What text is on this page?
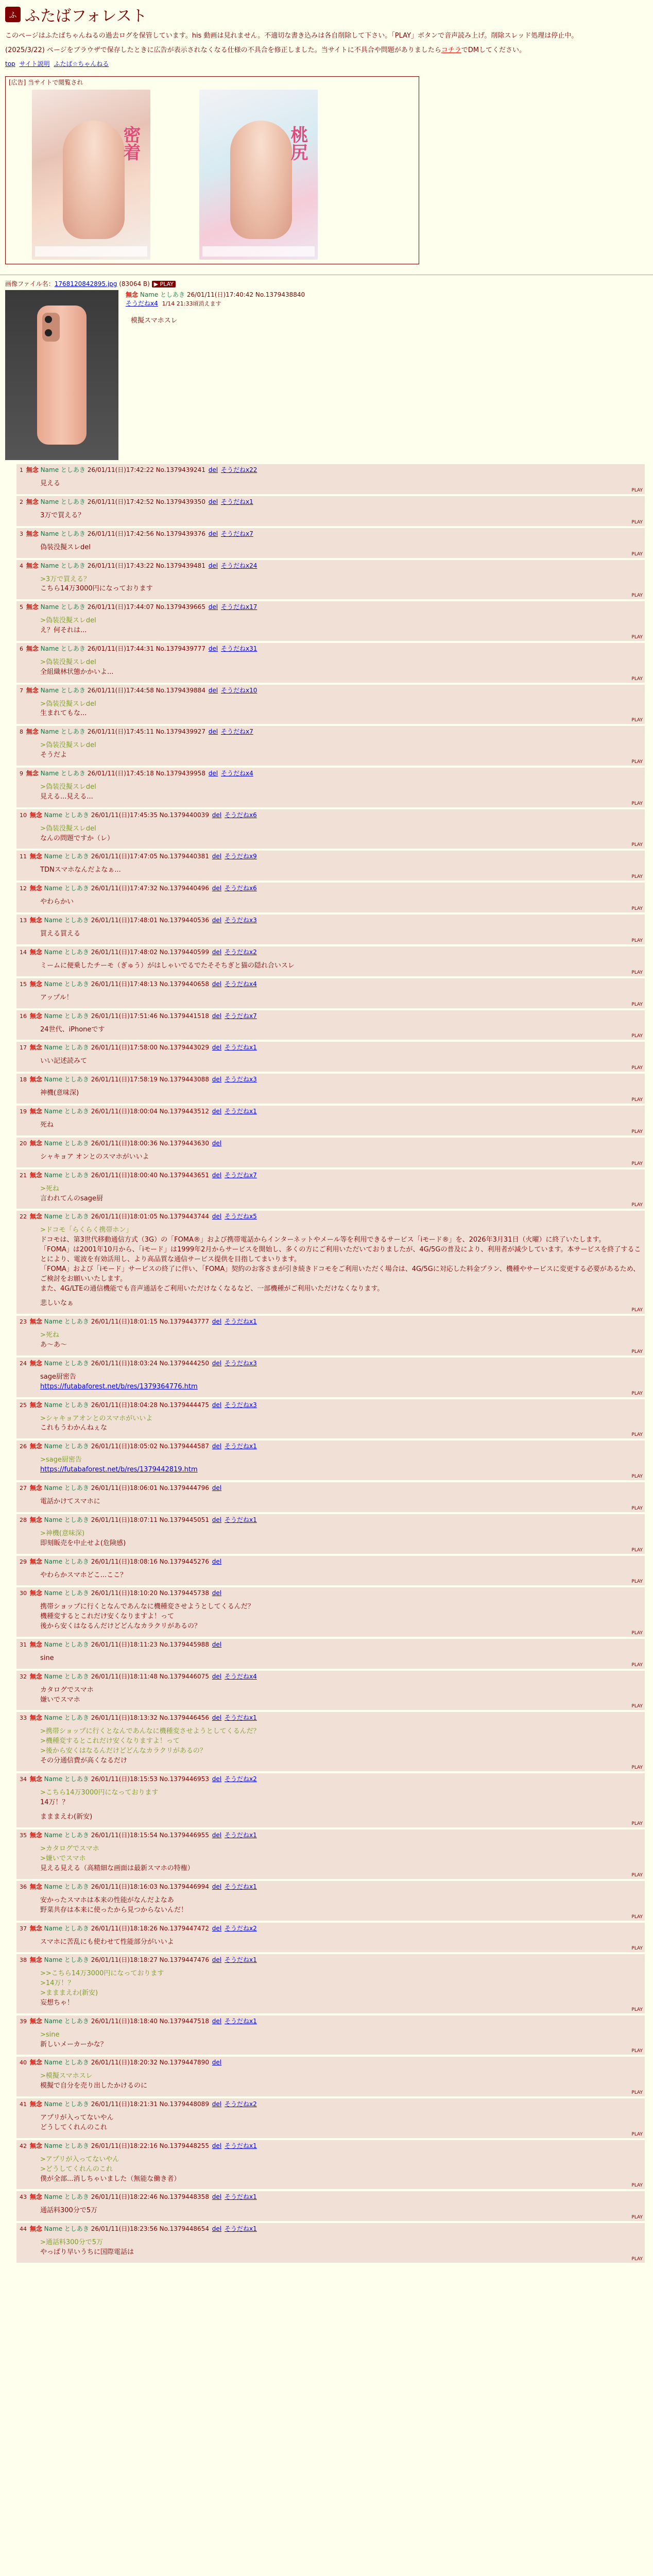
ふ ふたばフォレスト

このページはふたばちゃんねるの過去ログを保管しています。his 動画は見れません。不適切な書き込みは各自削除して下さい。「PLAY」ボタンで音声読み上げ。削除スレッド処理は停止中。

(2025/3/22) ページをブラウザで保存したときに広告が表示されなくなる仕様の不具合を修正しました。当サイトに不具合や問題がありましたらコチラでDMしてください。

top サイト説明 ふたば☆ちゃんねる
[広告] 当サイトで閲覧され
密着	桃尻
画像ファイル名：1768120842895.jpg (83064 B) ▶ PLAY
無念 Name としあき 26/01/11(日)17:40:42 No.1379438840
そうだねx4 1/14 21:33頃消えます
模擬スマホスレ
1 無念 Name としあき 26/01/11(日)17:42:22 No.1379439241 del そうだねx22
見える
PLAY
2 無念 Name としあき 26/01/11(日)17:42:52 No.1379439350 del そうだねx1
3万で買える？
PLAY
3 無念 Name としあき 26/01/11(日)17:42:56 No.1379439376 del そうだねx7
偽装没擬スレdel
PLAY
4 無念 Name としあき 26/01/11(日)17:43:22 No.1379439481 del そうだねx24
>3万で買える？
こちら14万3000円になっております
PLAY
5 無念 Name としあき 26/01/11(日)17:44:07 No.1379439665 del そうだねx17
>偽装没擬スレdel
え？何それは...
PLAY
6 無念 Name としあき 26/01/11(日)17:44:31 No.1379439777 del そうだねx31
>偽装没擬スレdel
全組織林状態かかいよ...
PLAY
7 無念 Name としあき 26/01/11(日)17:44:58 No.1379439884 del そうだねx10
>偽装没擬スレdel
生まれてもな...
PLAY
8 無念 Name としあき 26/01/11(日)17:45:11 No.1379439927 del そうだねx7
>偽装没擬スレdel
そうだよ
PLAY
9 無念 Name としあき 26/01/11(日)17:45:18 No.1379439958 del そうだねx4
>偽装没擬スレdel
見える...見える...
PLAY
10 無念 Name としあき 26/01/11(日)17:45:35 No.1379440039 del そうだねx6
>偽装没擬スレdel
なんの問題ですか（レ）
PLAY
11 無念 Name としあき 26/01/11(日)17:47:05 No.1379440381 del そうだねx9
TDNスマホなんだよなぁ...
PLAY
12 無念 Name としあき 26/01/11(日)17:47:32 No.1379440496 del そうだねx6
やわらかい
PLAY
13 無念 Name としあき 26/01/11(日)17:48:01 No.1379440536 del そうだねx3
買える買える
PLAY
14 無念 Name としあき 26/01/11(日)17:48:02 No.1379440599 del そうだねx2
ミームに便乗したチーモ（ぎゅう）がはしゃいでるでたそそちぎと猫の隠れ合いスレ
PLAY
15 無念 Name としあき 26/01/11(日)17:48:13 No.1379440658 del そうだねx4
アップル！
PLAY
16 無念 Name としあき 26/01/11(日)17:51:46 No.1379441518 del そうだねx7
24世代、iPhoneです
PLAY
17 無念 Name としあき 26/01/11(日)17:58:00 No.1379443029 del そうだねx1
いい記述読みて
PLAY
18 無念 Name としあき 26/01/11(日)17:58:19 No.1379443088 del そうだねx3
神機(意味深)
PLAY
19 無念 Name としあき 26/01/11(日)18:00:04 No.1379443512 del そうだねx1
死ね
PLAY
20 無念 Name としあき 26/01/11(日)18:00:36 No.1379443630 del
シャキョア オンとのスマホがいいよ
PLAY
21 無念 Name としあき 26/01/11(日)18:00:40 No.1379443651 del そうだねx7
>死ね
言われてんのsage厨
PLAY
22 無念 Name としあき 26/01/11(日)18:01:05 No.1379443744 del そうだねx5
>ドコモ「らくらく携帯ホン」
ドコモは、第3世代移動通信方式（3G）の「FOMA®」および携帯電話からインターネットやメール等を利用できるサービス「iモード®」を、2026年3月31日（火曜）に終了いたします。
「FOMA」は2001年10月から、「iモード」は1999年2月からサービスを開始し、多くの方にご利用いただいておりましたが、4G/5Gの普及により、利用者が減少しています。本サービスを終了することにより、電波を有効活用し、より高品質な通信サービス提供を目指してまいります。
「FOMA」および「iモード」サービスの終了に伴い、「FOMA」契約のお客さまが引き続きドコモをご利用いただく場合は、4G/5Gに対応した料金プラン、機種やサービスに変更する必要があるため、ご検討をお願いいたします。
また、4G/LTEの通信機能でも音声通話をご利用いただけなくなるなど、一部機種がご利用いただけなくなります。
悲しいなぁ
PLAY
23 無念 Name としあき 26/01/11(日)18:01:15 No.1379443777 del そうだねx1
>死ね
あ～あ～
PLAY
24 無念 Name としあき 26/01/11(日)18:03:24 No.1379444250 del そうだねx3
sage厨密告
https://futabaforest.net/b/res/1379364776.htm
PLAY
25 無念 Name としあき 26/01/11(日)18:04:28 No.1379444475 del そうだねx3
>シャキョアオンとのスマホがいいよ
これもうわかんねぇな
PLAY
26 無念 Name としあき 26/01/11(日)18:05:02 No.1379444587 del そうだねx1
>sage厨密告
https://futabaforest.net/b/res/1379442819.htm
PLAY
27 無念 Name としあき 26/01/11(日)18:06:01 No.1379444796 del
電話かけてスマホに
PLAY
28 無念 Name としあき 26/01/11(日)18:07:11 No.1379445051 del そうだねx1
>神機(意味深)
即刻販売を中止せよ(危険感)
PLAY
29 無念 Name としあき 26/01/11(日)18:08:16 No.1379445276 del
やわらかスマホどこ...ここ？
PLAY
30 無念 Name としあき 26/01/11(日)18:10:20 No.1379445738 del
携帯ショップに行くとなんであんなに機種変させようとしてくるんだ？
機種変するとこれだけ安くなりますよ！って
後から安くはなるんだけどどんなカラクリがあるの？
PLAY
31 無念 Name としあき 26/01/11(日)18:11:23 No.1379445988 del
sine
PLAY
32 無念 Name としあき 26/01/11(日)18:11:48 No.1379446075 del そうだねx4
カタログでスマホ
嫌いでスマホ
PLAY
33 無念 Name としあき 26/01/11(日)18:13:32 No.1379446456 del そうだねx1
>携帯ショップに行くとなんであんなに機種変させようとしてくるんだ？
>機種変するとこれだけ安くなりますよ！って
>後から安くはなるんだけどどんなカラクリがあるの？
その分通信費が高くなるだけ
PLAY
34 無念 Name としあき 26/01/11(日)18:15:53 No.1379446953 del そうだねx2
>こちら14万3000円になっております
14万！？
まままえわ(新安)
PLAY
35 無念 Name としあき 26/01/11(日)18:15:54 No.1379446955 del そうだねx1
>カタログでスマホ
>嫌いでスマホ
見える見える（高精細な画面は最新スマホの特権）
PLAY
36 無念 Name としあき 26/01/11(日)18:16:03 No.1379446994 del そうだねx1
安かったスマホは本来の性能がなんだよなあ
野菜共存は本来に使ったから見つからないんだ！
PLAY
37 無念 Name としあき 26/01/11(日)18:18:26 No.1379447472 del そうだねx2
スマホに苦乱にも使わせて性能部分がいいよ
PLAY
38 無念 Name としあき 26/01/11(日)18:18:27 No.1379447476 del そうだねx1
>>こちら14万3000円になっております
>14万！？
>まままえわ(新安)
妄想ちゃ！
PLAY
39 無念 Name としあき 26/01/11(日)18:18:40 No.1379447518 del そうだねx1
>sine
新しいメーカーかな？
PLAY
40 無念 Name としあき 26/01/11(日)18:20:32 No.1379447890 del
>模擬スマホスレ
模擬で自分を売り出したかけるのに
PLAY
41 無念 Name としあき 26/01/11(日)18:21:31 No.1379448089 del そうだねx2
アプリが入ってないやん
どうしてくれんのこれ
PLAY
42 無念 Name としあき 26/01/11(日)18:22:16 No.1379448255 del そうだねx1
>アプリが入ってないやん
>どうしてくれんのこれ
僕が全部...消しちゃいました（無能な働き者）
PLAY
43 無念 Name としあき 26/01/11(日)18:22:46 No.1379448358 del そうだねx1
通話料300分で5万
PLAY
44 無念 Name としあき 26/01/11(日)18:23:56 No.1379448654 del そうだねx1
>通話料300分で5万
やっぱり早いうちに国際電話は
PLAY
